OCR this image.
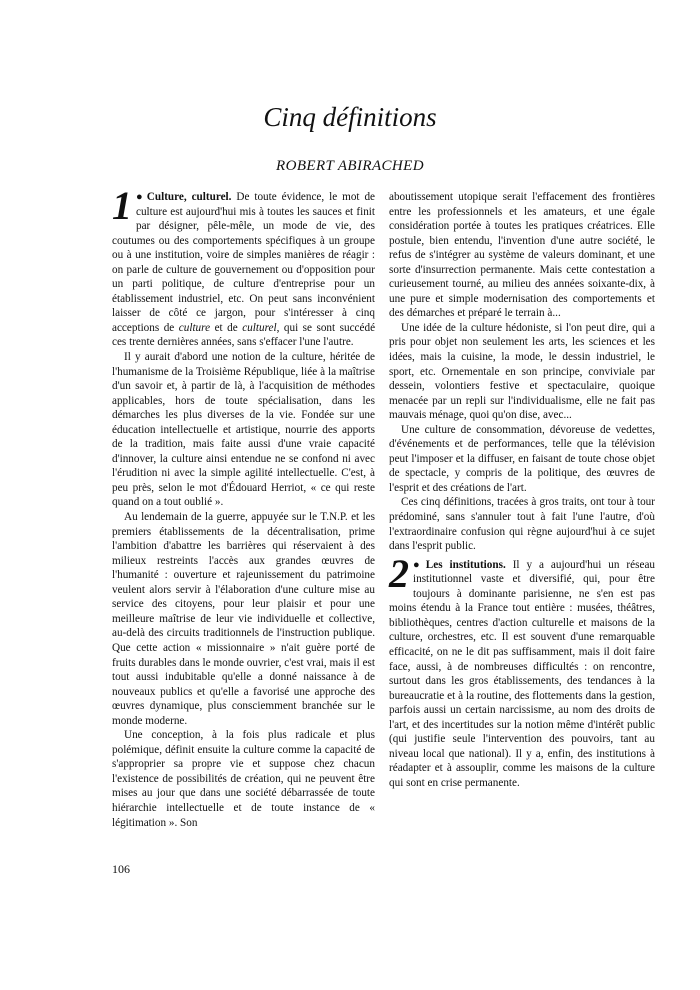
Cinq définitions
ROBERT ABIRACHED

1 ● Culture, culturel. De toute évidence, le mot de culture est aujourd'hui mis à toutes les sauces et finit par désigner, pêle-mêle, un mode de vie, des coutumes ou des comportements spécifiques à un groupe ou à une institution, voire de simples manières de réagir : on parle de culture de gouvernement ou d'opposition pour un parti politique, de culture d'entreprise pour un établissement industriel, etc. On peut sans inconvénient laisser de côté ce jargon, pour s'intéresser à cinq acceptions de culture et de culturel, qui se sont succédé ces trente dernières années, sans s'effacer l'une l'autre.

Il y aurait d'abord une notion de la culture, héritée de l'humanisme de la Troisième République, liée à la maîtrise d'un savoir et, à partir de là, à l'acquisition de méthodes applicables, hors de toute spécialisation, dans les démarches les plus diverses de la vie. Fondée sur une éducation intellectuelle et artistique, nourrie des apports de la tradition, mais faite aussi d'une vraie capacité d'innover, la culture ainsi entendue ne se confond ni avec l'érudition ni avec la simple agilité intellectuelle. C'est, à peu près, selon le mot d'Édouard Herriot, « ce qui reste quand on a tout oublié ».

Au lendemain de la guerre, appuyée sur le T.N.P. et les premiers établissements de la décentralisation, prime l'ambition d'abattre les barrières qui réservaient à des milieux restreints l'accès aux grandes œuvres de l'humanité : ouverture et rajeunissement du patrimoine veulent alors servir à l'élaboration d'une culture mise au service des citoyens, pour leur plaisir et pour une meilleure maîtrise de leur vie individuelle et collective, au-delà des circuits traditionnels de l'instruction publique. Que cette action « missionnaire » n'ait guère porté de fruits durables dans le monde ouvrier, c'est vrai, mais il est tout aussi indubitable qu'elle a donné naissance à de nouveaux publics et qu'elle a favorisé une approche des œuvres dynamique, plus consciemment branchée sur le monde moderne.

Une conception, à la fois plus radicale et plus polémique, définit ensuite la culture comme la capacité de s'approprier sa propre vie et suppose chez chacun l'existence de possibilités de création, qui ne peuvent être mises au jour que dans une société débarrassée de toute hiérarchie intellectuelle et de toute instance de « légitimation ». Son

aboutissement utopique serait l'effacement des frontières entre les professionnels et les amateurs, et une égale considération portée à toutes les pratiques créatrices. Elle postule, bien entendu, l'invention d'une autre société, le refus de s'intégrer au système de valeurs dominant, et une sorte d'insurrection permanente. Mais cette contestation a curieusement tourné, au milieu des années soixante-dix, à une pure et simple modernisation des comportements et des démarches et préparé le terrain à...

Une idée de la culture hédoniste, si l'on peut dire, qui a pris pour objet non seulement les arts, les sciences et les idées, mais la cuisine, la mode, le dessin industriel, le sport, etc. Ornementale en son principe, conviviale par dessein, volontiers festive et spectaculaire, quoique menacée par un repli sur l'individualisme, elle ne fait pas mauvais ménage, quoi qu'on dise, avec...

Une culture de consommation, dévoreuse de vedettes, d'événements et de performances, telle que la télévision peut l'imposer et la diffuser, en faisant de toute chose objet de spectacle, y compris de la politique, des œuvres de l'esprit et des créations de l'art.

Ces cinq définitions, tracées à gros traits, ont tour à tour prédominé, sans s'annuler tout à fait l'une l'autre, d'où l'extraordinaire confusion qui règne aujourd'hui à ce sujet dans l'esprit public.

2 ● Les institutions. Il y a aujourd'hui un réseau institutionnel vaste et diversifié, qui, pour être toujours à dominante parisienne, ne s'en est pas moins étendu à la France tout entière : musées, théâtres, bibliothèques, centres d'action culturelle et maisons de la culture, orchestres, etc. Il est souvent d'une remarquable efficacité, on ne le dit pas suffisamment, mais il doit faire face, aussi, à de nombreuses difficultés : on rencontre, surtout dans les gros établissements, des tendances à la bureaucratie et à la routine, des flottements dans la gestion, parfois aussi un certain narcissisme, au nom des droits de l'art, et des incertitudes sur la notion même d'intérêt public (qui justifie seule l'intervention des pouvoirs, tant au niveau local que national). Il y a, enfin, des institutions à réadapter et à assouplir, comme les maisons de la culture qui sont en crise permanente.

106
